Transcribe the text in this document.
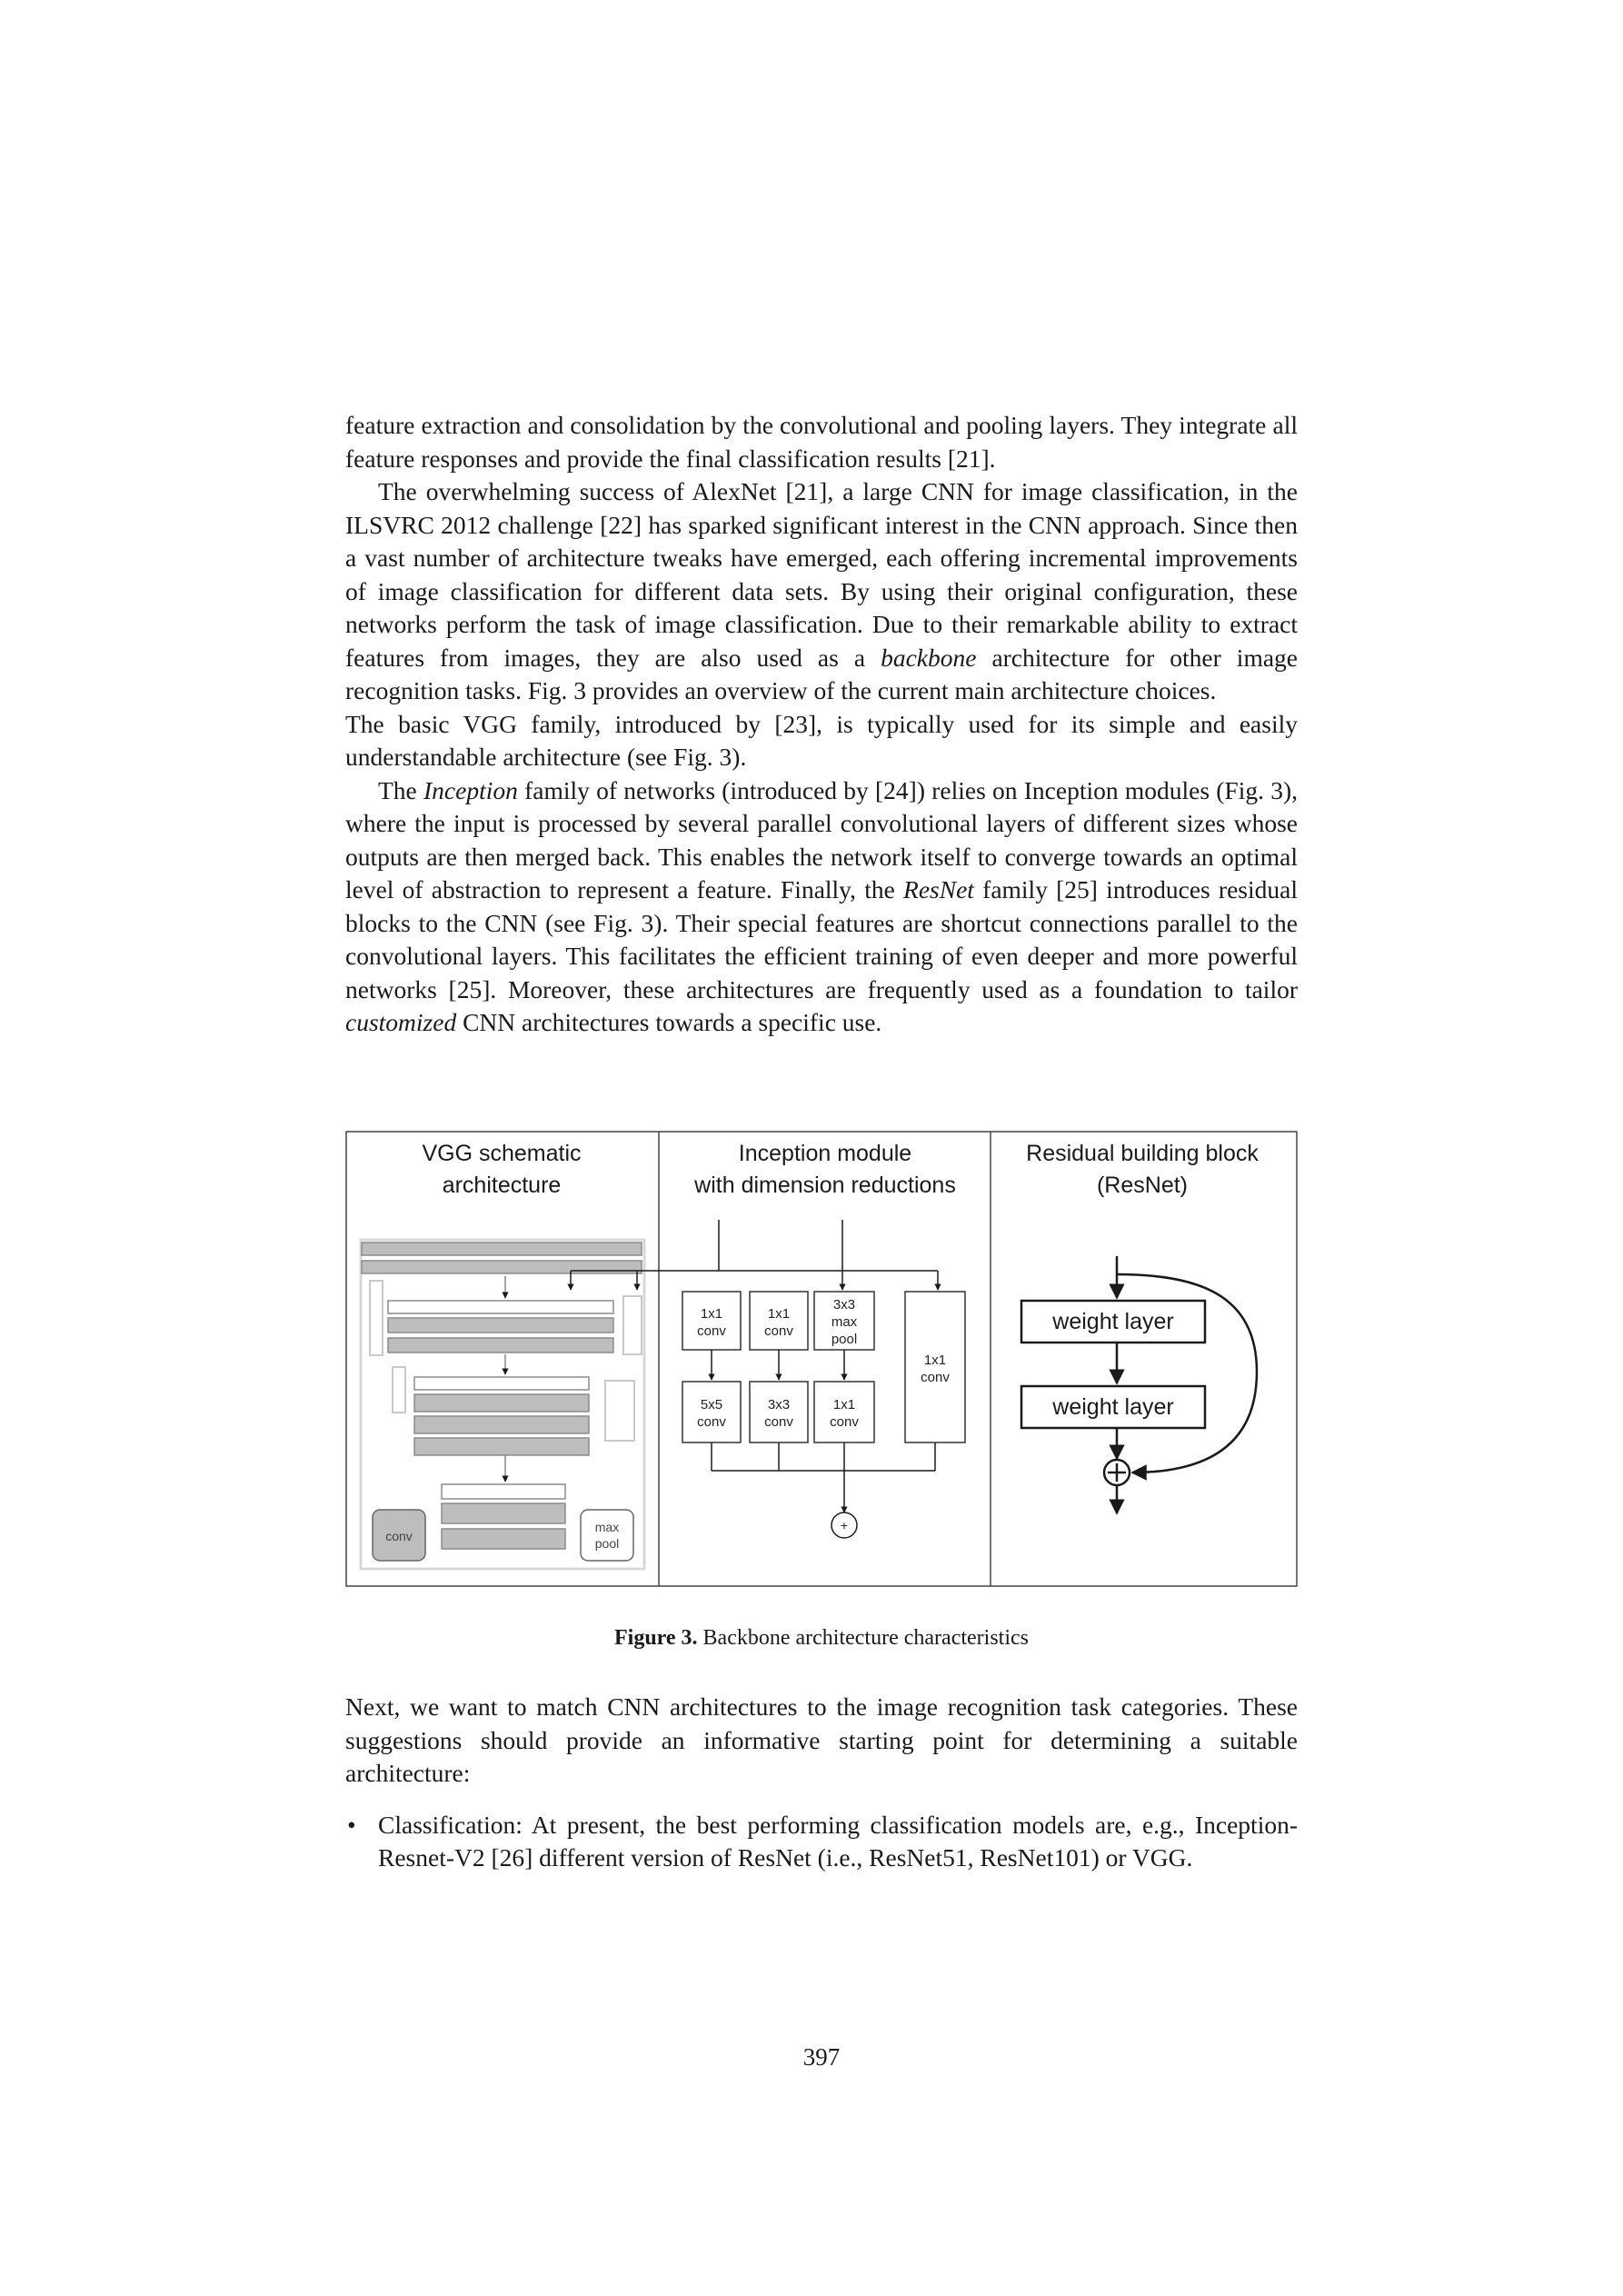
feature extraction and consolidation by the convolutional and pooling layers. They integrate all feature responses and provide the final classification results [21].

The overwhelming success of AlexNet [21], a large CNN for image classification, in the ILSVRC 2012 challenge [22] has sparked significant interest in the CNN approach. Since then a vast number of architecture tweaks have emerged, each offering incremental improvements of image classification for different data sets. By using their original configuration, these networks perform the task of image classification. Due to their remarkable ability to extract features from images, they are also used as a backbone architecture for other image recognition tasks. Fig. 3 provides an overview of the current main architecture choices.

The basic VGG family, introduced by [23], is typically used for its simple and easily understandable architecture (see Fig. 3).

The Inception family of networks (introduced by [24]) relies on Inception modules (Fig. 3), where the input is processed by several parallel convolutional layers of different sizes whose outputs are then merged back. This enables the network itself to converge towards an optimal level of abstraction to represent a feature. Finally, the ResNet family [25] introduces residual blocks to the CNN (see Fig. 3). Their special features are shortcut connections parallel to the convolutional layers. This facilitates the efficient training of even deeper and more powerful networks [25]. Moreover, these architectures are frequently used as a foundation to tailor customized CNN architectures towards a specific use.

VGG schematic
architecture
Inception module
with dimension reductions
Residual building block
(ResNet)
conv
max
pool
1x1
conv
1x1
conv
3x3
max
pool
1x1
conv
5x5
conv
3x3
conv
1x1
conv
+
weight layer
weight layer
Figure 3. Backbone architecture characteristics

Next, we want to match CNN architectures to the image recognition task categories. These suggestions should provide an informative starting point for determining a suitable architecture:

• Classification: At present, the best performing classification models are, e.g., Inception-Resnet-V2 [26] different version of ResNet (i.e., ResNet51, ResNet101) or VGG.
397
